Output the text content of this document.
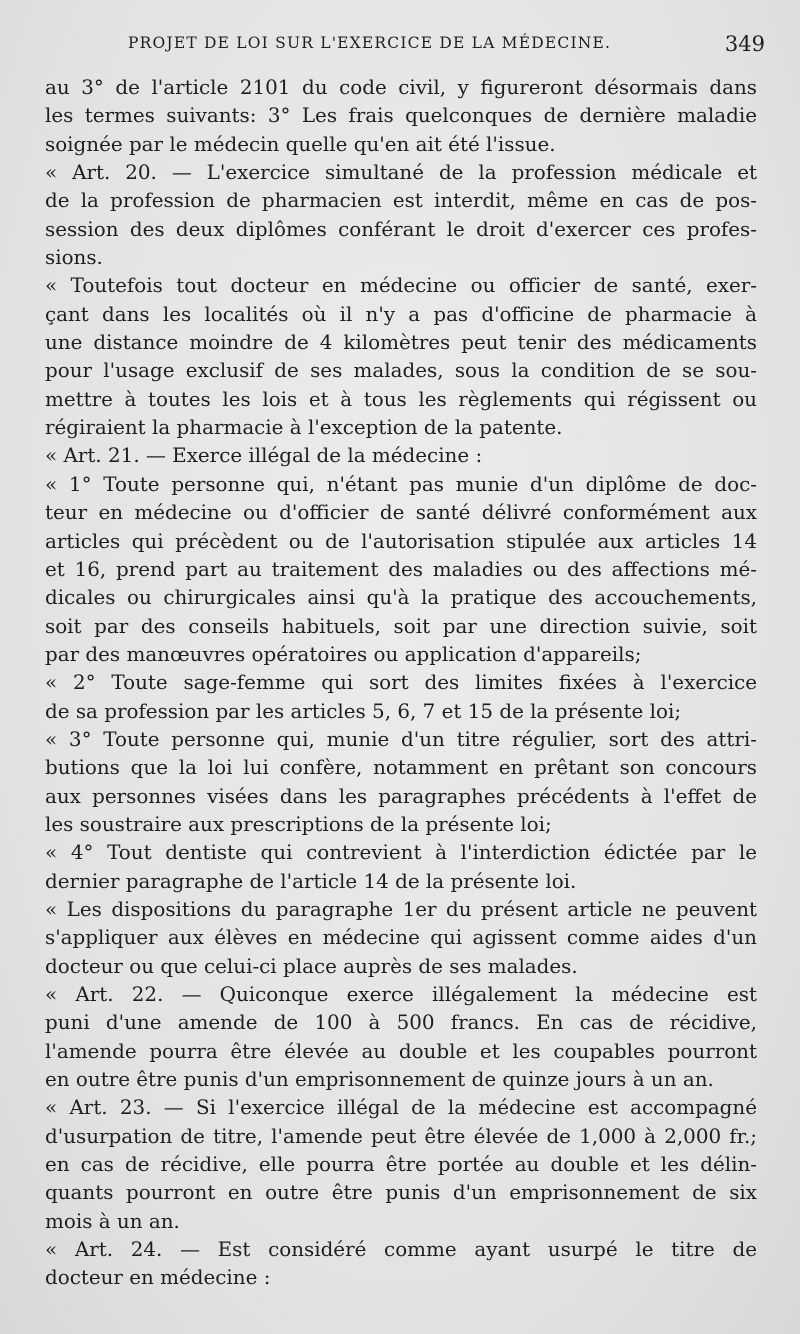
PROJET DE LOI SUR L'EXERCICE DE LA MÉDECINE.	349
au 3° de l'article 2101 du code civil, y figureront désormais dans
les termes suivants: 3° Les frais quelconques de dernière maladie
soignée par le médecin quelle qu'en ait été l'issue.
« Art. 20. — L'exercice simultané de la profession médicale et
de la profession de pharmacien est interdit, même en cas de pos-
session des deux diplômes conférant le droit d'exercer ces profes-
sions.
« Toutefois tout docteur en médecine ou officier de santé, exer-
çant dans les localités où il n'y a pas d'officine de pharmacie à
une distance moindre de 4 kilomètres peut tenir des médicaments
pour l'usage exclusif de ses malades, sous la condition de se sou-
mettre à toutes les lois et à tous les règlements qui régissent ou
régiraient la pharmacie à l'exception de la patente.
« Art. 21. — Exerce illégal de la médecine :
« 1° Toute personne qui, n'étant pas munie d'un diplôme de doc-
teur en médecine ou d'officier de santé délivré conformément aux
articles qui précèdent ou de l'autorisation stipulée aux articles 14
et 16, prend part au traitement des maladies ou des affections mé-
dicales ou chirurgicales ainsi qu'à la pratique des accouchements,
soit par des conseils habituels, soit par une direction suivie, soit
par des manœuvres opératoires ou application d'appareils;
« 2° Toute sage-femme qui sort des limites fixées à l'exercice
de sa profession par les articles 5, 6, 7 et 15 de la présente loi;
« 3° Toute personne qui, munie d'un titre régulier, sort des attri-
butions que la loi lui confère, notamment en prêtant son concours
aux personnes visées dans les paragraphes précédents à l'effet de
les soustraire aux prescriptions de la présente loi;
« 4° Tout dentiste qui contrevient à l'interdiction édictée par le
dernier paragraphe de l'article 14 de la présente loi.
« Les dispositions du paragraphe 1er du présent article ne peuvent
s'appliquer aux élèves en médecine qui agissent comme aides d'un
docteur ou que celui-ci place auprès de ses malades.
« Art. 22. — Quiconque exerce illégalement la médecine est
puni d'une amende de 100 à 500 francs. En cas de récidive,
l'amende pourra être élevée au double et les coupables pourront
en outre être punis d'un emprisonnement de quinze jours à un an.
« Art. 23. — Si l'exercice illégal de la médecine est accompagné
d'usurpation de titre, l'amende peut être élevée de 1,000 à 2,000 fr.;
en cas de récidive, elle pourra être portée au double et les délin-
quants pourront en outre être punis d'un emprisonnement de six
mois à un an.
« Art. 24. — Est considéré comme ayant usurpé le titre de
docteur en médecine :
